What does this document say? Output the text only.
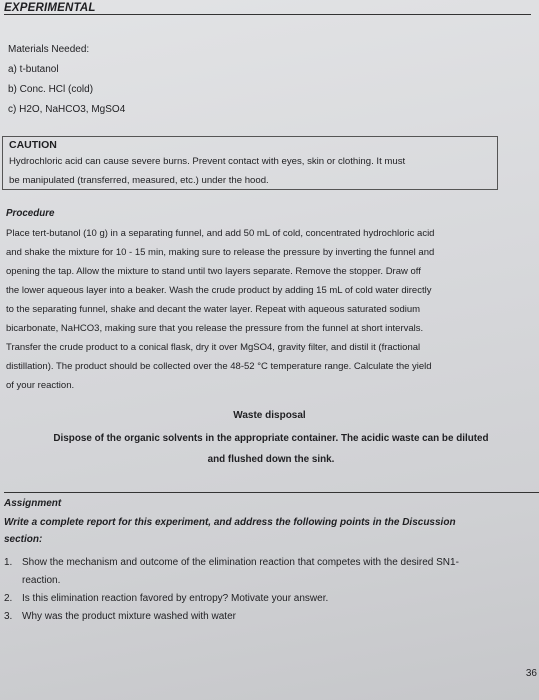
EXPERIMENTAL
Materials Needed:
a) t-butanol
b) Conc. HCl (cold)
c) H2O, NaHCO3, MgSO4
CAUTION
Hydrochloric acid can cause severe burns. Prevent contact with eyes, skin or clothing. It must
be manipulated (transferred, measured, etc.) under the hood.
Procedure
Place tert-butanol (10 g) in a separating funnel, and add 50 mL of cold, concentrated hydrochloric acid
and shake the mixture for 10 - 15 min, making sure to release the pressure by inverting the funnel and
opening the tap. Allow the mixture to stand until two layers separate. Remove the stopper. Draw off
the lower aqueous layer into a beaker. Wash the crude product by adding 15 mL of cold water directly
to the separating funnel, shake and decant the water layer. Repeat with aqueous saturated sodium
bicarbonate, NaHCO3, making sure that you release the pressure from the funnel at short intervals.
Transfer the crude product to a conical flask, dry it over MgSO4, gravity filter, and distil it (fractional
distillation). The product should be collected over the 48-52 °C temperature range. Calculate the yield
of your reaction.
Waste disposal
Dispose of the organic solvents in the appropriate container. The acidic waste can be diluted
and flushed down the sink.
Assignment
Write a complete report for this experiment, and address the following points in the Discussion
section:
1. Show the mechanism and outcome of the elimination reaction that competes with the desired SN1-
reaction.
2. Is this elimination reaction favored by entropy? Motivate your answer.
3. Why was the product mixture washed with water
36
